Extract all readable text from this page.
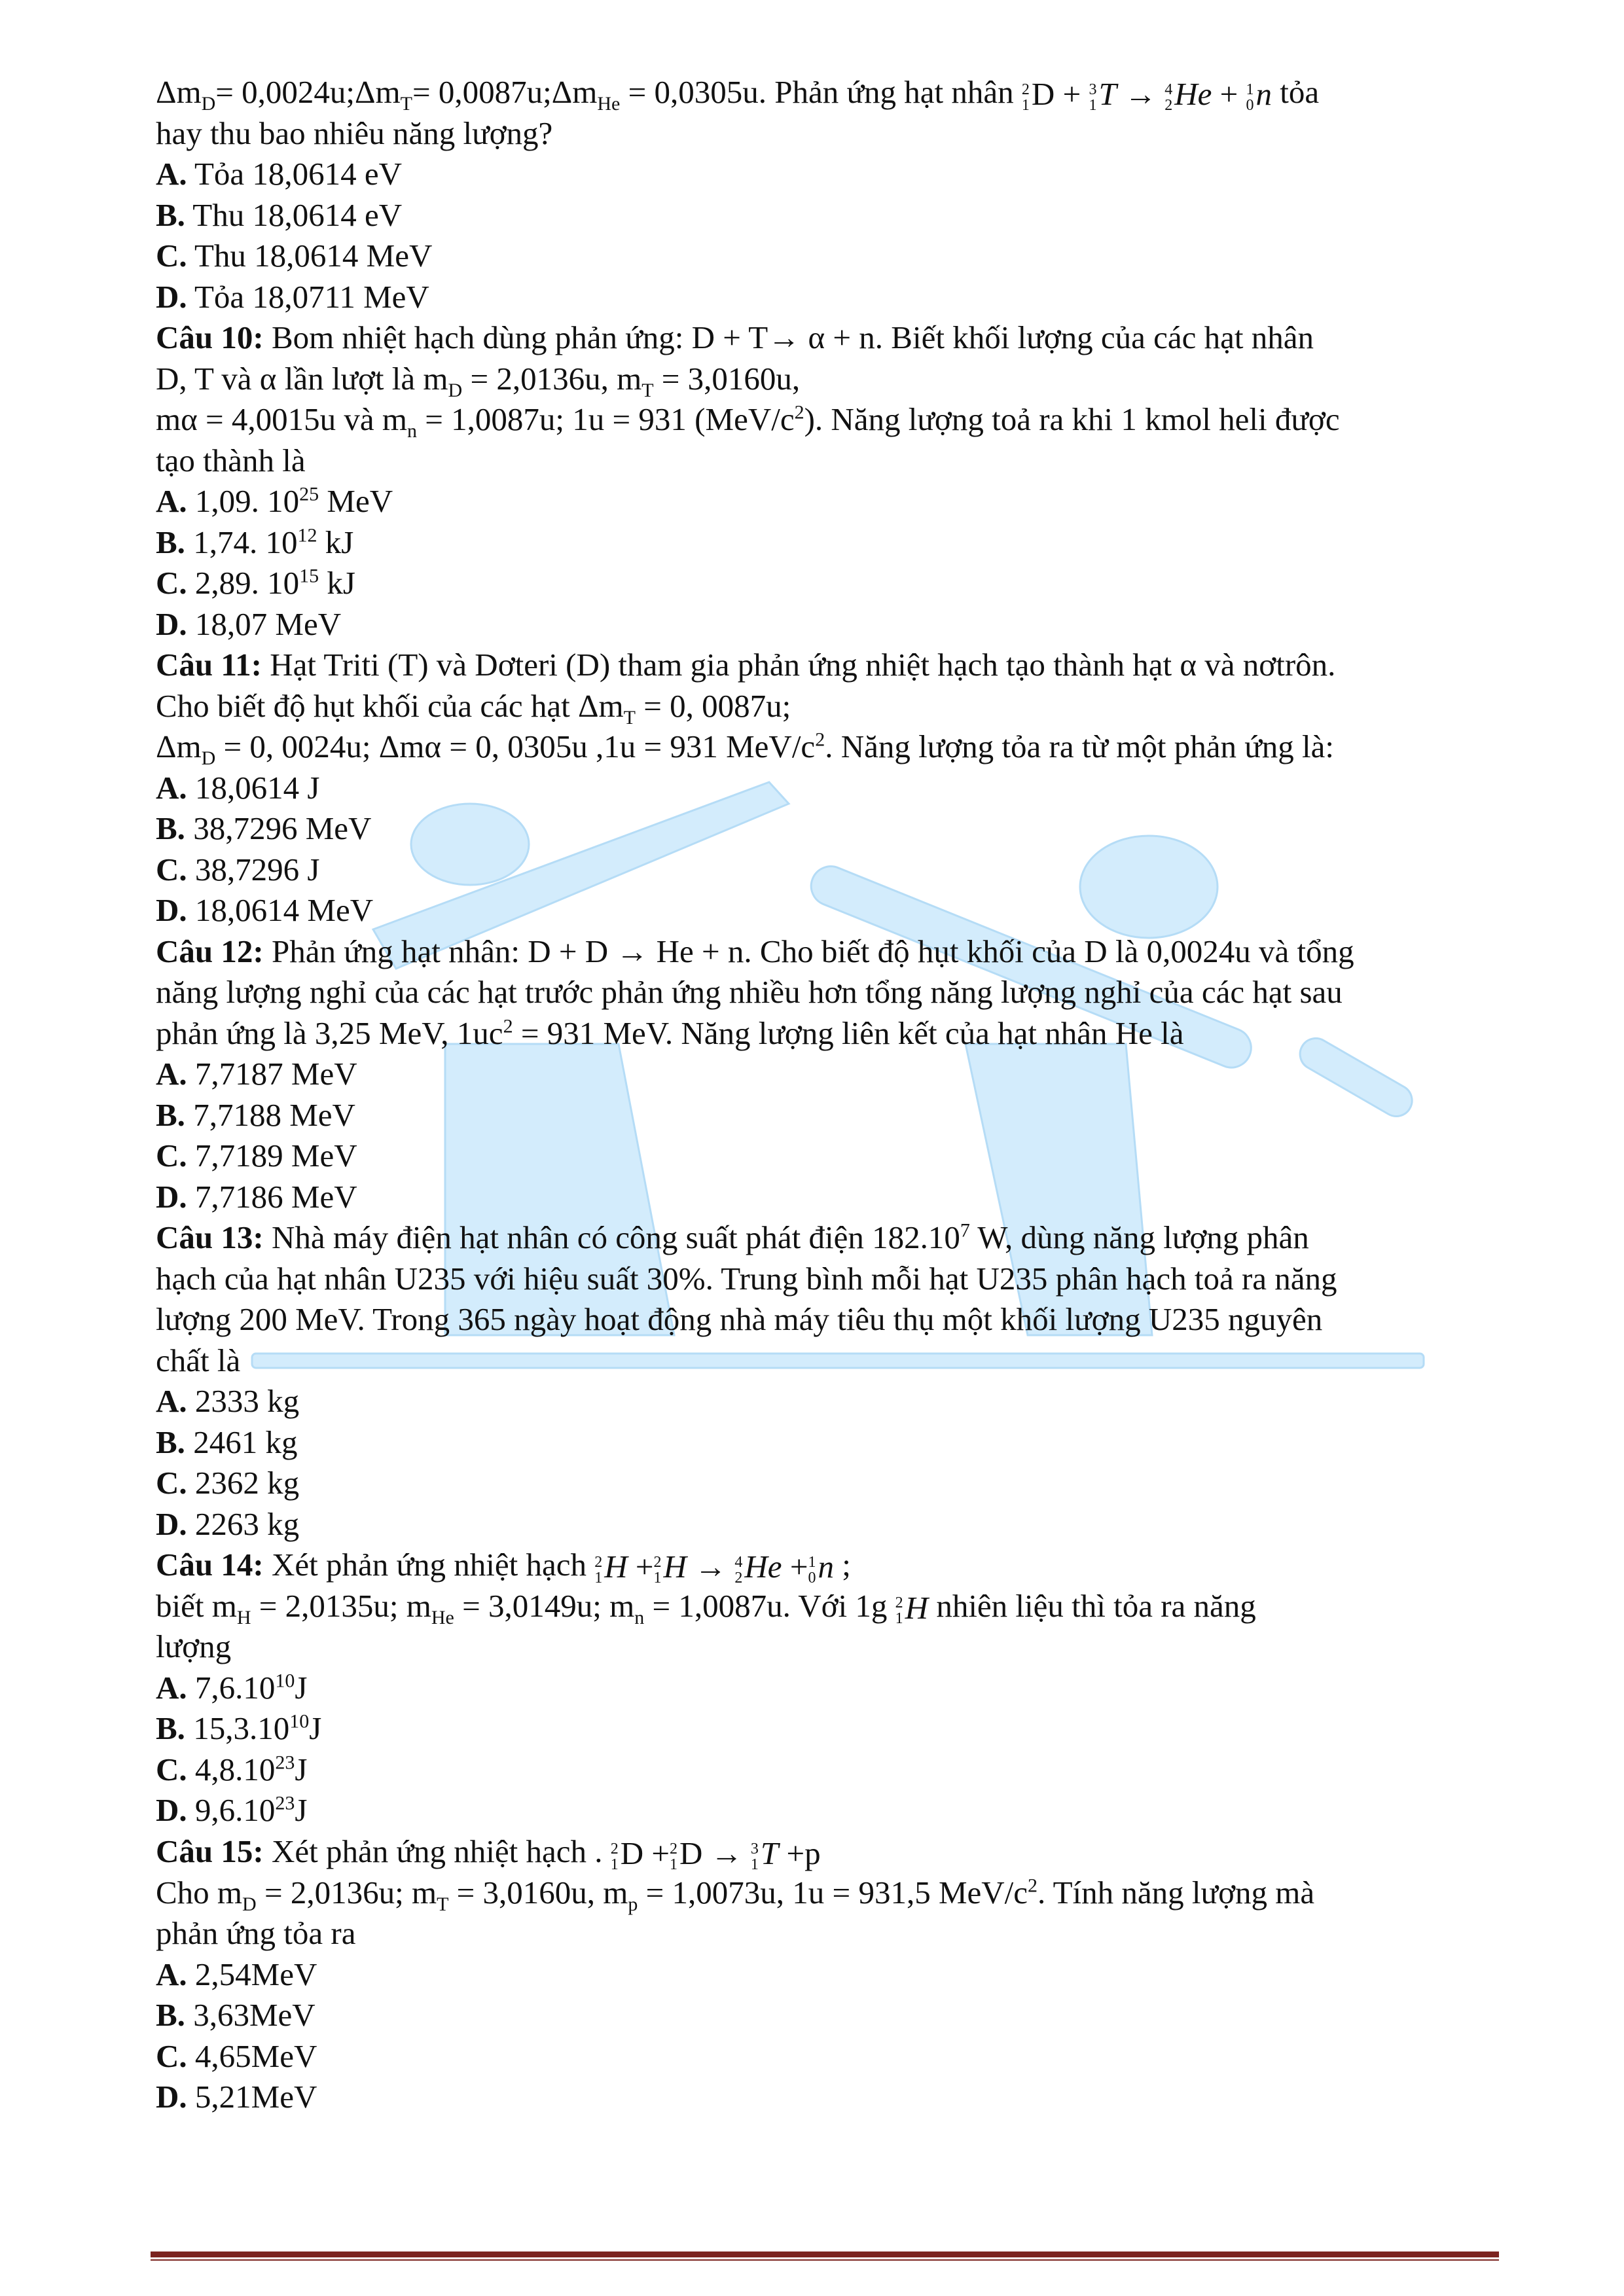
$\Delta m_D=$ $0,0024u;\Delta m_T=$ $0,0087u;\Delta m_{He} = 0,0305u$. Phản ứng hạt nhân 2
1 D + 3
1 T → 4
2 He + 1
0 n tỏa
hay thu bao nhiêu năng lượng?
A. Tỏa 18,0614 eV
B. Thu 18,0614 eV
C. Thu 18,0614 MeV
D. Tỏa 18,0711 MeV
Câu 10: Bom nhiệt hạch dùng phản ứng: D + T→ α + n. Biết khối lượng của các hạt nhân
D, T và α lần lượt là $m_D = 2,0136u$, $m_T = 3,0160u$,
mα = 4,0015u và $m_n = 1,0087u$; 1u = 931 $(MeV/c^2)$. Năng lượng toả ra khi 1 kmol heli được
tạo thành là
A. 1,09. $10^{25}$ MeV
B. 1,74. $10^{12}$ kJ
C. 2,89. $10^{15}$ kJ
D. 18,07 MeV
Câu 11: Hạt Triti (T) và Dơteri (D) tham gia phản ứng nhiệt hạch tạo thành hạt α và nơtrôn.
Cho biết độ hụt khối của các hạt $\Delta m_T = 0$, 0087u;
$\Delta m_D = 0$, 0024u; Δmα = 0, 0305u ,1u = 931 MeV/$c^2$. Năng lượng tỏa ra từ một phản ứng là:
A. 18,0614 J
B. 38,7296 MeV
C. 38,7296 J
D. 18,0614 MeV
Câu 12: Phản ứng hạt nhân: D + D → He + n. Cho biết độ hụt khối của D là 0,0024u và tổng
năng lượng nghỉ của các hạt trước phản ứng nhiều hơn tổng năng lượng nghỉ của các hạt sau
phản ứng là 3,25 MeV, $1uc^2 = 931$ MeV. Năng lượng liên kết của hạt nhân He là
A. 7,7187 MeV
B. 7,7188 MeV
C. 7,7189 MeV
D. 7,7186 MeV
Câu 13: Nhà máy điện hạt nhân có công suất phát điện 182.10$^7$ W, dùng năng lượng phân
hạch của hạt nhân U235 với hiệu suất 30%. Trung bình mỗi hạt U235 phân hạch toả ra năng
lượng 200 MeV. Trong 365 ngày hoạt động nhà máy tiêu thụ một khối lượng U235 nguyên
chất là
A. 2333 kg
B. 2461 kg
C. 2362 kg
D. 2263 kg
Câu 14: Xét phản ứng nhiệt hạch 2
1 H + 2
1 H → 4
2 He + 1
0 n ;
biết $m_H = 2,0135u$; $m_{He} = 3,0149u$; $m_n = 1,0087u$. Với 1g 2
1 H nhiên liệu thì tỏa ra năng
lượng
A. 7,6.10$^{10}$J
B. 15,3.10$^{10}$J
C. 4,8.10$^{23}$J
D. 9,6.10$^{23}$J
Câu 15: Xét phản ứng nhiệt hạch . 2
1 D + 2
1 D → 3
1 T +p
Cho $m_D = 2,0136u$; $m_T = 3,0160u$, $m_p = 1,0073u$, 1u = 931,5 MeV/$c^2$. Tính năng lượng mà
phản ứng tỏa ra
A. 2,54MeV
B. 3,63MeV
C. 4,65MeV
D. 5,21MeV
